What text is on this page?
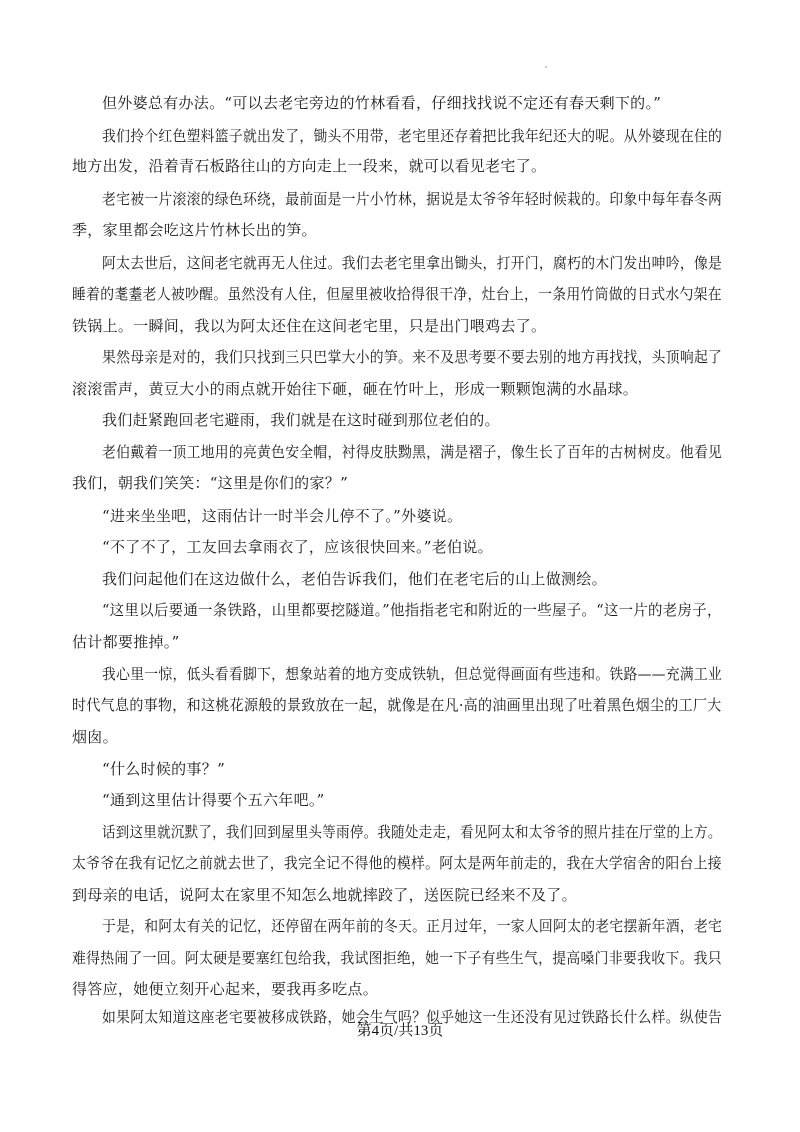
但外婆总有办法。“可以去老宅旁边的竹林看看，仔细找找说不定还有春天剩下的。”
我们拎个红色塑料篮子就出发了，锄头不用带，老宅里还存着把比我年纪还大的呢。从外婆现在住的
地方出发，沿着青石板路往山的方向走上一段来，就可以看见老宅了。
老宅被一片滚滚的绿色环绕，最前面是一片小竹林，据说是太爷爷年轻时候栽的。印象中每年春冬两
季，家里都会吃这片竹林长出的笋。
阿太去世后，这间老宅就再无人住过。我们去老宅里拿出锄头，打开门，腐朽的木门发出呻吟，像是
睡着的耄耋老人被吵醒。虽然没有人住，但屋里被收拾得很干净，灶台上，一条用竹筒做的日式水勺架在
铁锅上。一瞬间，我以为阿太还住在这间老宅里，只是出门喂鸡去了。
果然母亲是对的，我们只找到三只巴掌大小的笋。来不及思考要不要去别的地方再找找，头顶响起了
滚滚雷声，黄豆大小的雨点就开始往下砸，砸在竹叶上，形成一颗颗饱满的水晶球。
我们赶紧跑回老宅避雨，我们就是在这时碰到那位老伯的。
老伯戴着一顶工地用的亮黄色安全帽，衬得皮肤黝黑，满是褶子，像生长了百年的古树树皮。他看见
我们，朝我们笑笑：“这里是你们的家？”
“进来坐坐吧，这雨估计一时半会儿停不了。”外婆说。
“不了不了，工友回去拿雨衣了，应该很快回来。”老伯说。
我们问起他们在这边做什么，老伯告诉我们，他们在老宅后的山上做测绘。
“这里以后要通一条铁路，山里都要挖隧道。”他指指老宅和附近的一些屋子。“这一片的老房子，
估计都要推掉。”
我心里一惊，低头看看脚下，想象站着的地方变成铁轨，但总觉得画面有些违和。铁路——充满工业
时代气息的事物，和这桃花源般的景致放在一起，就像是在凡·高的油画里出现了吐着黑色烟尘的工厂大
烟囱。
“什么时候的事？”
“通到这里估计得要个五六年吧。”
话到这里就沉默了，我们回到屋里头等雨停。我随处走走，看见阿太和太爷爷的照片挂在厅堂的上方。
太爷爷在我有记忆之前就去世了，我完全记不得他的模样。阿太是两年前走的，我在大学宿舍的阳台上接
到母亲的电话，说阿太在家里不知怎么地就摔跤了，送医院已经来不及了。
于是，和阿太有关的记忆，还停留在两年前的冬天。正月过年，一家人回阿太的老宅摆新年酒，老宅
难得热闹了一回。阿太硬是要塞红包给我，我试图拒绝，她一下子有些生气，提高嗓门非要我收下。我只
得答应，她便立刻开心起来，要我再多吃点。
如果阿太知道这座老宅要被移成铁路，她会生气吗？似乎她这一生还没有见过铁路长什么样。纵使告
第4页/共13页
